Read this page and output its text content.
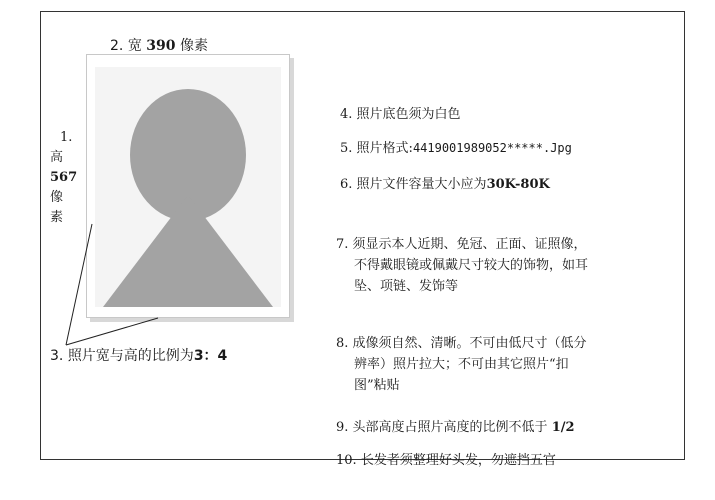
2. 宽 390 像素
1.
高
567
像
素
3. 照片宽与高的比例为3：4
4. 照片底色须为白色
5. 照片格式:4419001989052*****.Jpg
6. 照片文件容量大小应为30K-80K
7. 须显示本人近期、免冠、正面、证照像，
不得戴眼镜或佩戴尺寸较大的饰物，如耳
坠、项链、发饰等
8. 成像须自然、清晰。不可由低尺寸（低分
辨率）照片拉大；不可由其它照片“扣
图”粘贴
9. 头部高度占照片高度的比例不低于 1/2
10. 长发者须整理好头发，勿遮挡五官
